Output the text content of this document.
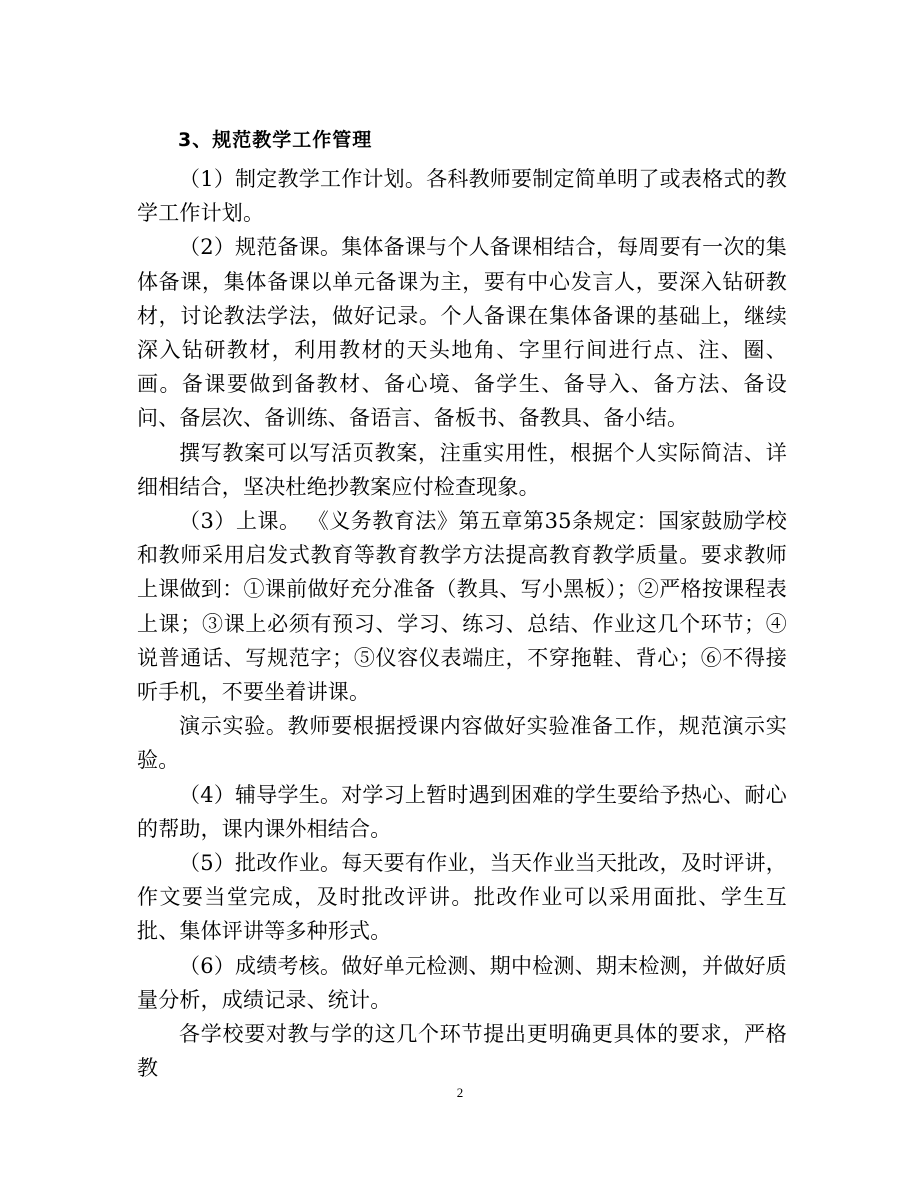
3、规范教学工作管理

（1）制定教学工作计划。各科教师要制定简单明了或表格式的教学工作计划。

（2）规范备课。集体备课与个人备课相结合，每周要有一次的集体备课，集体备课以单元备课为主，要有中心发言人，要深入钻研教材，讨论教法学法，做好记录。个人备课在集体备课的基础上，继续深入钻研教材，利用教材的天头地角、字里行间进行点、注、圈、画。备课要做到备教材、备心境、备学生、备导入、备方法、备设问、备层次、备训练、备语言、备板书、备教具、备小结。

撰写教案可以写活页教案，注重实用性，根据个人实际简洁、详细相结合，坚决杜绝抄教案应付检查现象。

（3）上课。 《义务教育法》第五章第35条规定：国家鼓励学校和教师采用启发式教育等教育教学方法提高教育教学质量。要求教师上课做到：①课前做好充分准备（教具、写小黑板）；②严格按课程表上课；③课上必须有预习、学习、练习、总结、作业这几个环节；④说普通话、写规范字；⑤仪容仪表端庄，不穿拖鞋、背心；⑥不得接听手机，不要坐着讲课。

演示实验。教师要根据授课内容做好实验准备工作，规范演示实验。

（4）辅导学生。对学习上暂时遇到困难的学生要给予热心、耐心的帮助，课内课外相结合。

（5）批改作业。每天要有作业，当天作业当天批改，及时评讲，作文要当堂完成，及时批改评讲。批改作业可以采用面批、学生互批、集体评讲等多种形式。

（6）成绩考核。做好单元检测、期中检测、期末检测，并做好质量分析，成绩记录、统计。

各学校要对教与学的这几个环节提出更明确更具体的要求，严格教

2
